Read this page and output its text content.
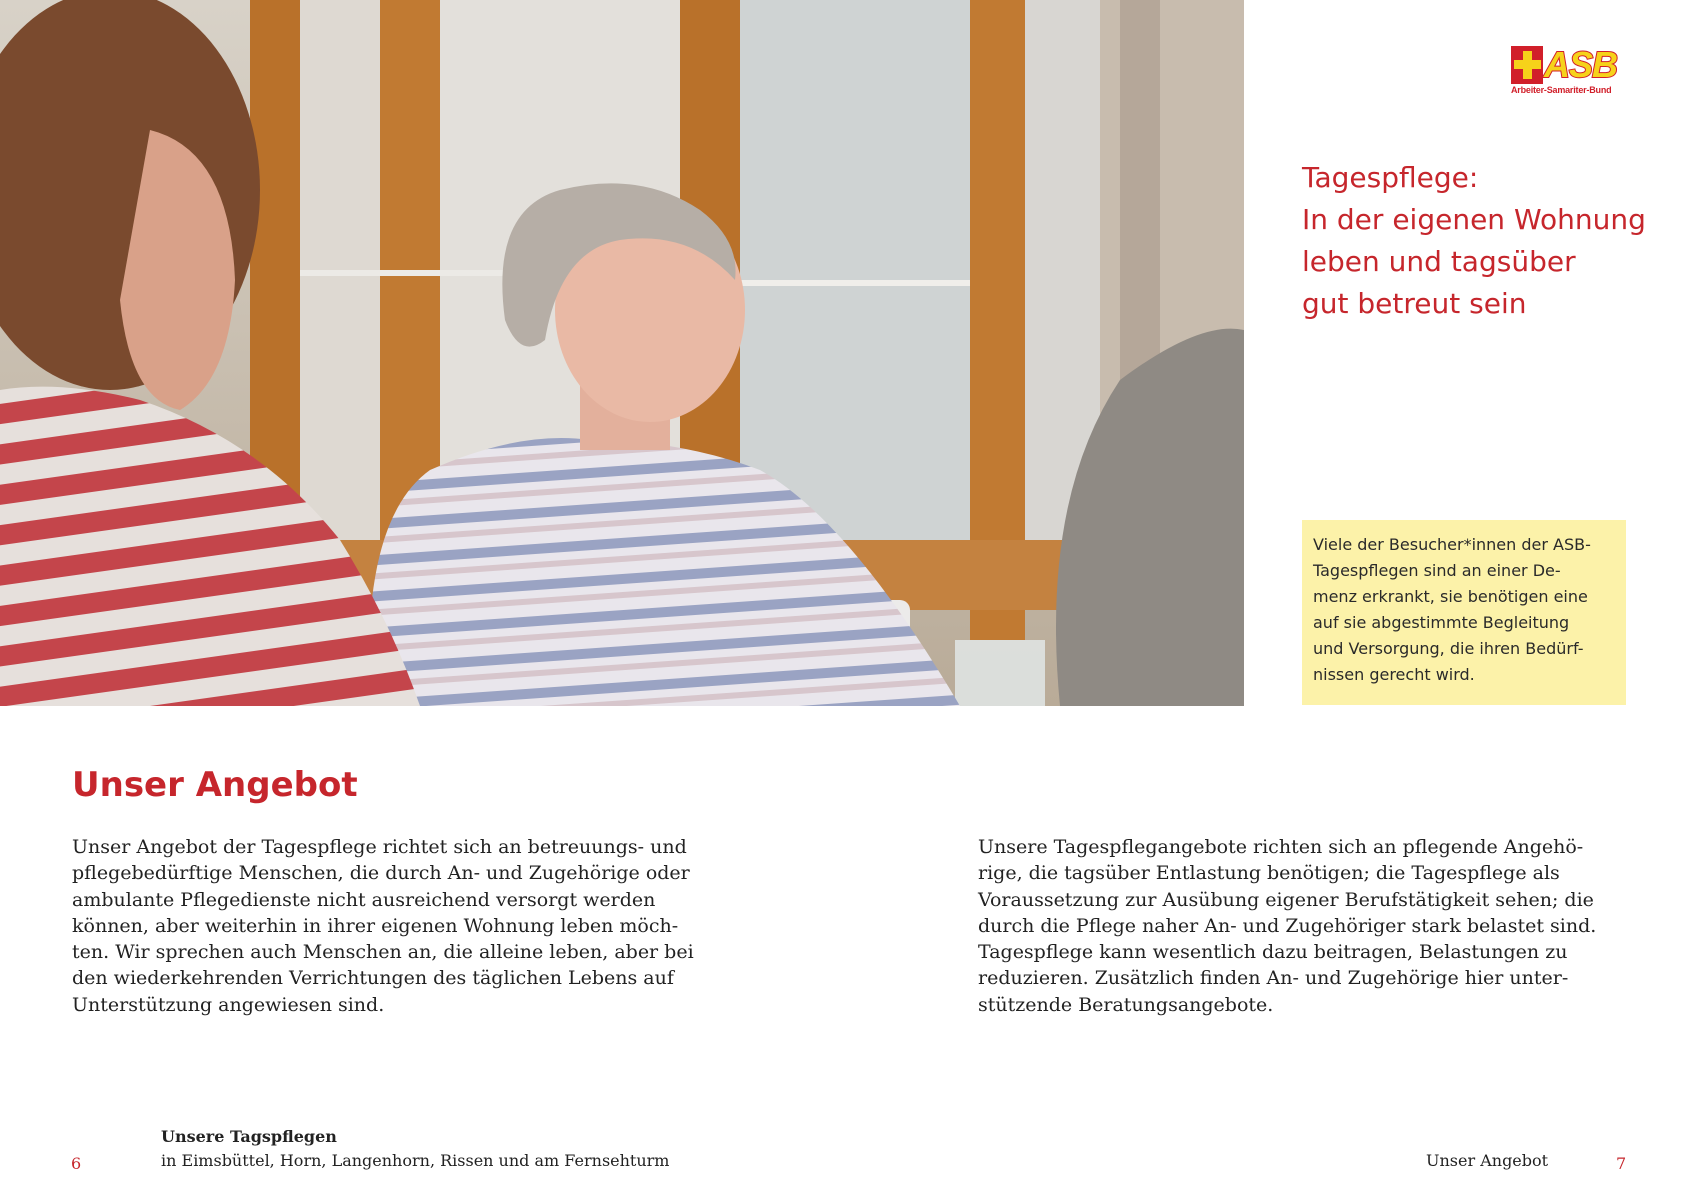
ASB
Arbeiter-Samariter-Bund
Tagespflege:
In der eigenen Wohnung
leben und tagsüber
gut betreut sein
Viele der Besucher*innen der ASB-
Tagespflegen sind an einer De-
menz erkrankt, sie benötigen eine
auf sie abgestimmte Begleitung
und Versorgung, die ihren Bedürf-
nissen gerecht wird.
Unser Angebot
Unser Angebot der Tagespflege richtet sich an betreuungs- und
pflegebedürftige Menschen, die durch An- und Zugehörige oder
ambulante Pflegedienste nicht ausreichend versorgt werden
können, aber weiterhin in ihrer eigenen Wohnung leben möch-
ten. Wir sprechen auch Menschen an, die alleine leben, aber bei
den wiederkehrenden Verrichtungen des täglichen Lebens auf
Unterstützung angewiesen sind.
Unsere Tagespflegangebote richten sich an pflegende Angehö-
rige, die tagsüber Entlastung benötigen; die Tagespflege als
Voraussetzung zur Ausübung eigener Berufstätigkeit sehen; die
durch die Pflege naher An- und Zugehöriger stark belastet sind.
Tagespflege kann wesentlich dazu beitragen, Belastungen zu
reduzieren. Zusätzlich finden An- und Zugehörige hier unter-
stützende Beratungsangebote.
6
Unsere Tagspflegen
in Eimsbüttel, Horn, Langenhorn, Rissen und am Fernsehturm	Unser Angebot	7
